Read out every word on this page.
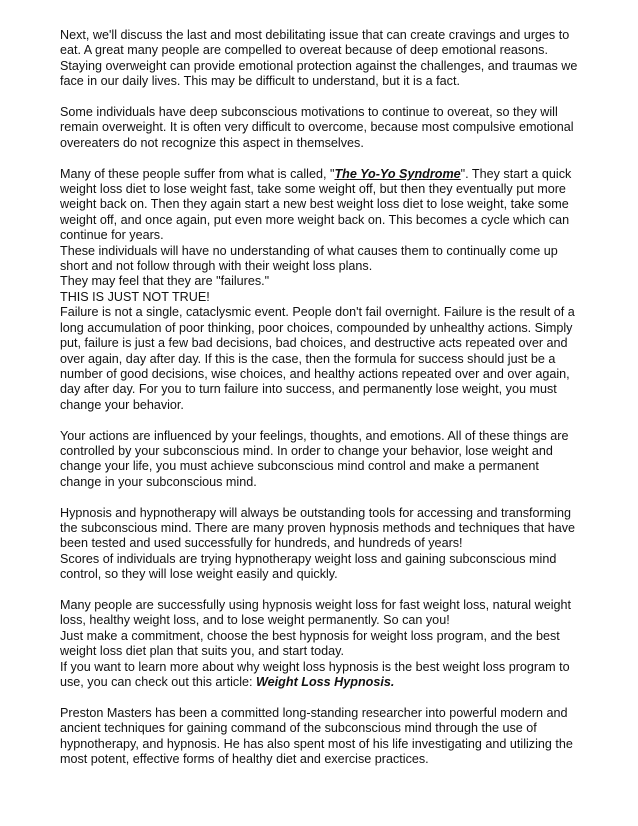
Next, we'll discuss the last and most debilitating issue that can create cravings and urges to eat. A great many people are compelled to overeat because of deep emotional reasons. Staying overweight can provide emotional protection against the challenges, and traumas we face in our daily lives. This may be difficult to understand, but it is a fact.

Some individuals have deep subconscious motivations to continue to overeat, so they will remain overweight. It is often very difficult to overcome, because most compulsive emotional overeaters do not recognize this aspect in themselves.

Many of these people suffer from what is called, "The Yo-Yo Syndrome". They start a quick weight loss diet to lose weight fast, take some weight off, but then they eventually put more weight back on. Then they again start a new best weight loss diet to lose weight, take some weight off, and once again, put even more weight back on. This becomes a cycle which can continue for years.
These individuals will have no understanding of what causes them to continually come up short and not follow through with their weight loss plans.
They may feel that they are "failures."
THIS IS JUST NOT TRUE!
Failure is not a single, cataclysmic event. People don't fail overnight. Failure is the result of a long accumulation of poor thinking, poor choices, compounded by unhealthy actions. Simply put, failure is just a few bad decisions, bad choices, and destructive acts repeated over and over again, day after day. If this is the case, then the formula for success should just be a number of good decisions, wise choices, and healthy actions repeated over and over again, day after day. For you to turn failure into success, and permanently lose weight, you must change your behavior.

Your actions are influenced by your feelings, thoughts, and emotions. All of these things are controlled by your subconscious mind. In order to change your behavior, lose weight and change your life, you must achieve subconscious mind control and make a permanent change in your subconscious mind.

Hypnosis and hypnotherapy will always be outstanding tools for accessing and transforming the subconscious mind. There are many proven hypnosis methods and techniques that have been tested and used successfully for hundreds, and hundreds of years!
Scores of individuals are trying hypnotherapy weight loss and gaining subconscious mind control, so they will lose weight easily and quickly.
Many people are successfully using hypnosis weight loss for fast weight loss, natural weight loss, healthy weight loss, and to lose weight permanently. So can you!
Just make a commitment, choose the best hypnosis for weight loss program, and the best weight loss diet plan that suits you, and start today.
If you want to learn more about why weight loss hypnosis is the best weight loss program to use, you can check out this article: Weight Loss Hypnosis.

Preston Masters has been a committed long-standing researcher into powerful modern and ancient techniques for gaining command of the subconscious mind through the use of hypnotherapy, and hypnosis. He has also spent most of his life investigating and utilizing the most potent, effective forms of healthy diet and exercise practices.
